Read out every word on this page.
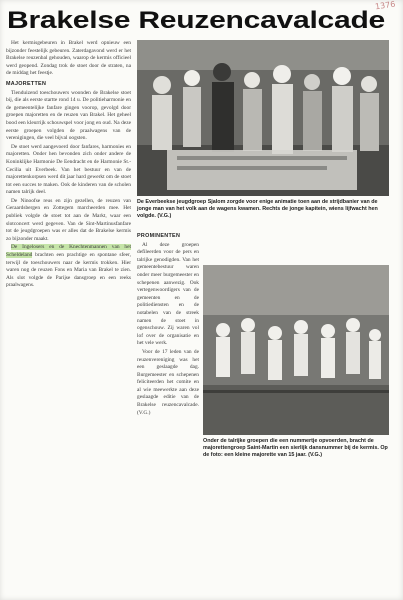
1376
Brakelse Reuzencavalcade

Het kermisgebeuren in Brakel werd opnieuw een bijzonder feestelijk gebeuren. Zaterdagavond werd er het Brakelse reuzenbal gehouden, waarop de kermis officieel werd geopend. Zondag trok de stoet door de straten, na de middag het feestje.

MAJORETTEN

Tienduizend toeschouwers woonden de Brakelse stoet bij, die als eerste startte rond 14 u. De politieharmonie en de gemeentelijke fanfare gingen voorop, gevolgd door groepen majoretten en de reuzen van Brakel. Het geheel bood een kleurrijk schouwspel voor jong en oud. Na deze eerste groepen volgden de praalwagens van de verenigingen, die veel bijval oogsten.

De stoet werd aangevoerd door fanfares, harmonies en majoretten. Onder hen bevonden zich onder andere de Koninklijke Harmonie De Eendracht en de Harmonie St.-Cecilia uit Everbeek. Van het bestuur en van de majorettenkorpsen werd dit jaar hard gewerkt om de stoet tot een succes te maken. Ook de kinderen van de scholen namen talrijk deel.

De Ninoofse reus en zijn gezellen, de reuzen van Geraardsbergen en Zottegem marcheerden mee. Het publiek volgde de stoet tot aan de Markt, waar een slotconcert werd gegeven. Van de Sint-Martinusfanfare tot de jeugdgroepen was er alles dat de Brakelse kermis zo bijzonder maakt.

De Ingelosers en de Knechtenmannen van het Scheldeland brachten een prachtige en spontane sfeer, terwijl de toeschouwers naar de kermis trokken. Hier waren nog de reuzen Fons en Maria van Brakel te zien. Als slot volgde de Parijse dansgroep en een reeks praalwagens.

De Everbeekse jeugdgroep Sjalom zorgde voor enige animatie toen aan de strijdbanier van de jonge man van het volk aan de wagens kwamen. Rechts de jonge kapitein, wiens lijfwacht hen volgde. (V.G.)
PROMINENTEN

Al deze groepen defileerden voor de pers en talrijke genodigden. Van het gemeentebestuur waren onder meer burgemeester en schepenen aanwezig. Ook vertegenwoordigers van de gemeenten en de politiediensten en de notabelen van de streek namen de stoet in ogenschouw. Zij waren vol lof over de organisatie en het vele werk.

Voor de 17 leden van de reuzenvereniging was het een geslaagde dag. Burgemeester en schepenen feliciteerden het comite en al wie meewerkte aan deze geslaagde editie van de Brakelse reuzencavalcade. (V.G.)

Onder de talrijke groepen die een nummertje opvoerden, bracht de majorettengroep Saint-Martin een sierlijk dansnummer bij de kermis. Op de foto: een kleine majorette van 15 jaar. (V.G.)
